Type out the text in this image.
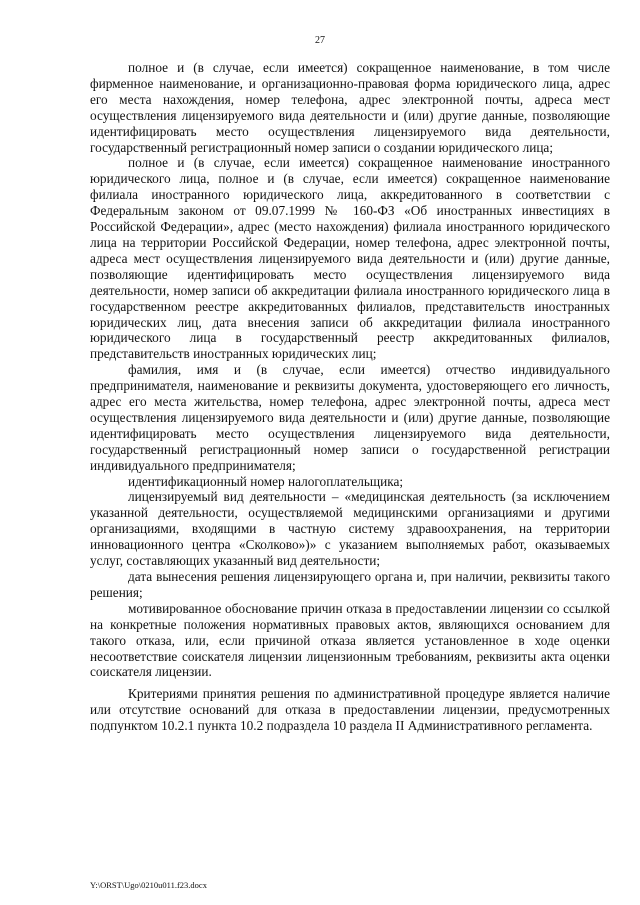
27

полное и (в случае, если имеется) сокращенное наименование, в том числе фирменное наименование, и организационно-правовая форма юридического лица, адрес его места нахождения, номер телефона, адрес электронной почты, адреса мест осуществления лицензируемого вида деятельности и (или) другие данные, позволяющие идентифицировать место осуществления лицензируемого вида деятельности, государственный регистрационный номер записи о создании юридического лица;

полное и (в случае, если имеется) сокращенное наименование иностранного юридического лица, полное и (в случае, если имеется) сокращенное наименование филиала иностранного юридического лица, аккредитованного в соответствии с Федеральным законом от 09.07.1999 № 160-ФЗ «Об иностранных инвестициях в Российской Федерации», адрес (место нахождения) филиала иностранного юридического лица на территории Российской Федерации, номер телефона, адрес электронной почты, адреса мест осуществления лицензируемого вида деятельности и (или) другие данные, позволяющие идентифицировать место осуществления лицензируемого вида деятельности, номер записи об аккредитации филиала иностранного юридического лица в государственном реестре аккредитованных филиалов, представительств иностранных юридических лиц, дата внесения записи об аккредитации филиала иностранного юридического лица в государственный реестр аккредитованных филиалов, представительств иностранных юридических лиц;

фамилия, имя и (в случае, если имеется) отчество индивидуального предпринимателя, наименование и реквизиты документа, удостоверяющего его личность, адрес его места жительства, номер телефона, адрес электронной почты, адреса мест осуществления лицензируемого вида деятельности и (или) другие данные, позволяющие идентифицировать место осуществления лицензируемого вида деятельности, государственный регистрационный номер записи о государственной регистрации индивидуального предпринимателя;

идентификационный номер налогоплательщика;

лицензируемый вид деятельности – «медицинская деятельность (за исключением указанной деятельности, осуществляемой медицинскими организациями и другими организациями, входящими в частную систему здравоохранения, на территории инновационного центра «Сколково»)» с указанием выполняемых работ, оказываемых услуг, составляющих указанный вид деятельности;

дата вынесения решения лицензирующего органа и, при наличии, реквизиты такого решения;

мотивированное обоснование причин отказа в предоставлении лицензии со ссылкой на конкретные положения нормативных правовых актов, являющихся основанием для такого отказа, или, если причиной отказа является установленное в ходе оценки несоответствие соискателя лицензии лицензионным требованиям, реквизиты акта оценки соискателя лицензии.

Критериями принятия решения по административной процедуре является наличие или отсутствие оснований для отказа в предоставлении лицензии, предусмотренных подпунктом 10.2.1 пункта 10.2 подраздела 10 раздела II Административного регламента.

Y:\ORST\Ugo\0210u011.f23.docx
